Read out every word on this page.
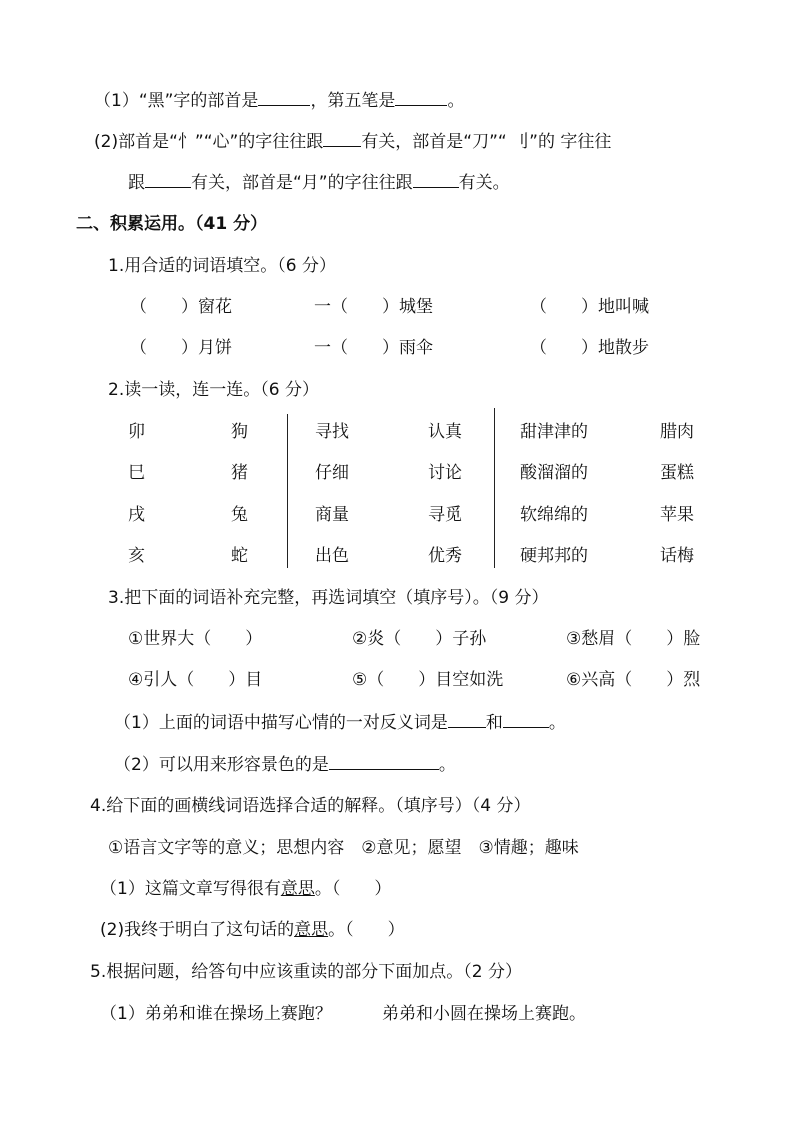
（1）“黑”字的部首是	，第五笔是	。
(2)部首是“忄”“心”的字往往跟 有关，部首是“刀”“ 刂”的 字往往
跟	有关，部首是“月”的字往往跟	有关。
二、积累运用。（41 分）
1.用合适的词语填空。（6 分）
（　　）窗花	一（　　）城堡	（　　）地叫喊
（　　）月饼	一（　　）雨伞	（　　）地散步
2.读一读，连一连。（6 分）
卯	狗	寻找	认真	甜津津的	腊肉
巳	猪	仔细	讨论	酸溜溜的	蛋糕
戌	兔	商量	寻觅	软绵绵的	苹果
亥	蛇	出色	优秀	硬邦邦的	话梅
3.把下面的词语补充完整，再选词填空（填序号）。（9 分）
①世界大（　　）	②炎（　　）子孙	③愁眉（　　）脸
④引人（　　）目	⑤（　　）目空如洗	⑥兴高（　　）烈
（1）上面的词语中描写心情的一对反义词是 和	。
（2）可以用来形容景色的是	。
4.给下面的画横线词语选择合适的解释。（填序号）（4 分）
①语言文字等的意义；思想内容　②意见；愿望　③情趣；趣味
（1）这篇文章写得很有意思。（　　）
(2)我终于明白了这句话的意思。（　　）
5.根据问题，给答句中应该重读的部分下面加点。（2 分）
（1）弟弟和谁在操场上赛跑？	弟弟和小圆在操场上赛跑。
